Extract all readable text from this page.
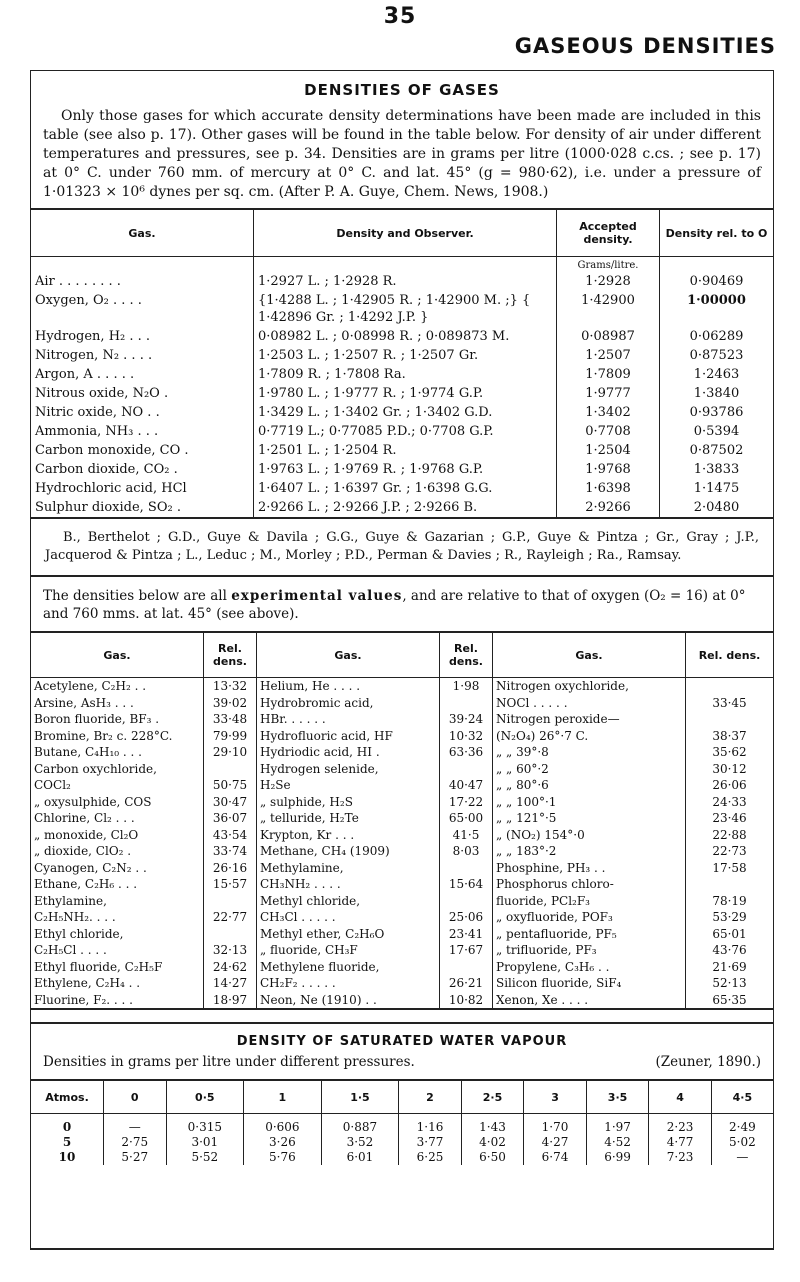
35
GASEOUS DENSITIES
DENSITIES OF GASES

Only those gases for which accurate density determinations have been made are included in this table (see also p. 17). Other gases will be found in the table below. For density of air under different temperatures and pressures, see p. 34. Densities are in grams per litre (1000·028 c.cs. ; see p. 17) at 0° C. under 760 mm. of mercury at 0° C. and lat. 45° (g = 980·62), i.e. under a pressure of 1·01323 × 10⁶ dynes per sq. cm. (After P. A. Guye, Chem. News, 1908.)

Gas.	Density and Observer.	Accepted density.	Density rel. to O
		Grams/litre.	
Air . . . . . . . .	1·2927 L. ; 1·2928 R.	1·2928	0·90469
Oxygen, O₂ . . . .	{1·4288 L. ; 1·42905 R. ; 1·42900 M. ;} { 1·42896 Gr. ; 1·4292 J.P. }	1·42900	1·00000
Hydrogen, H₂ . . .	0·08982 L. ; 0·08998 R. ; 0·089873 M.	0·08987	0·06289
Nitrogen, N₂ . . . .	1·2503 L. ; 1·2507 R. ; 1·2507 Gr.	1·2507	0·87523
Argon, A . . . . .	1·7809 R. ; 1·7808 Ra.	1·7809	1·2463
Nitrous oxide, N₂O .	1·9780 L. ; 1·9777 R. ; 1·9774 G.P.	1·9777	1·3840
Nitric oxide, NO . .	1·3429 L. ; 1·3402 Gr. ; 1·3402 G.D.	1·3402	0·93786
Ammonia, NH₃ . . .	0·7719 L.; 0·77085 P.D.; 0·7708 G.P.	0·7708	0·5394
Carbon monoxide, CO .	1·2501 L. ; 1·2504 R.	1·2504	0·87502
Carbon dioxide, CO₂ .	1·9763 L. ; 1·9769 R. ; 1·9768 G.P.	1·9768	1·3833
Hydrochloric acid, HCl	1·6407 L. ; 1·6397 Gr. ; 1·6398 G.G.	1·6398	1·1475
Sulphur dioxide, SO₂ .	2·9266 L. ; 2·9266 J.P. ; 2·9266 B.	2·9266	2·0480

B., Berthelot ; G.D., Guye & Davila ; G.G., Guye & Gazarian ; G.P., Guye & Pintza ; Gr., Gray ; J.P., Jacquerod & Pintza ; L., Leduc ; M., Morley ; P.D., Perman & Davies ; R., Rayleigh ; Ra., Ramsay.

The densities below are all experimental values, and are relative to that of oxygen (O₂ = 16) at 0° and 760 mms. at lat. 45° (see above).

Gas.	Rel. dens.	Gas.	Rel. dens.	Gas.	Rel. dens.
Acetylene, C₂H₂ . .	13·32	Helium, He . . . .	1·98	Nitrogen oxychloride,	
Arsine, AsH₃ . . .	39·02	Hydrobromic acid,		NOCl . . . . .	33·45
Boron fluoride, BF₃ .	33·48	HBr. . . . . .	39·24	Nitrogen peroxide—	
Bromine, Br₂ c. 228°C.	79·99	Hydrofluoric acid, HF	10·32	(N₂O₄) 26°·7 C.	38·37
Butane, C₄H₁₀ . . .	29·10	Hydriodic acid, HI .	63·36	„ „ 39°·8	35·62
Carbon oxychloride,		Hydrogen selenide,		„ „ 60°·2	30·12
COCl₂	50·75	H₂Se	40·47	„ „ 80°·6	26·06
„ oxysulphide, COS	30·47	„ sulphide, H₂S	17·22	„ „ 100°·1	24·33
Chlorine, Cl₂ . . .	36·07	„ telluride, H₂Te	65·00	„ „ 121°·5	23·46
„ monoxide, Cl₂O	43·54	Krypton, Kr . . .	41·5	„ (NO₂) 154°·0	22·88
„ dioxide, ClO₂ .	33·74	Methane, CH₄ (1909)	8·03	„ „ 183°·2	22·73
Cyanogen, C₂N₂ . .	26·16	Methylamine,		Phosphine, PH₃ . .	17·58
Ethane, C₂H₆ . . .	15·57	CH₃NH₂ . . . .	15·64	Phosphorus chloro-	
Ethylamine,		Methyl chloride,		fluoride, PCl₂F₃	78·19
C₂H₅NH₂. . . .	22·77	CH₃Cl . . . . .	25·06	„ oxyfluoride, POF₃	53·29
Ethyl chloride,		Methyl ether, C₂H₆O	23·41	„ pentafluoride, PF₅	65·01
C₂H₅Cl . . . .	32·13	„ fluoride, CH₃F	17·67	„ trifluoride, PF₃	43·76
Ethyl fluoride, C₂H₅F	24·62	Methylene fluoride,		Propylene, C₃H₆ . .	21·69
Ethylene, C₂H₄ . .	14·27	CH₂F₂ . . . . .	26·21	Silicon fluoride, SiF₄	52·13
Fluorine, F₂. . . .	18·97	Neon, Ne (1910) . .	10·82	Xenon, Xe . . . .	65·35
DENSITY OF SATURATED WATER VAPOUR

Densities in grams per litre under different pressures.	(Zeuner, 1890.)

Atmos.	0	0·5	1	1·5	2	2·5	3	3·5	4	4·5
0	—	0·315	0·606	0·887	1·16	1·43	1·70	1·97	2·23	2·49
5	2·75	3·01	3·26	3·52	3·77	4·02	4·27	4·52	4·77	5·02
10	5·27	5·52	5·76	6·01	6·25	6·50	6·74	6·99	7·23	—
